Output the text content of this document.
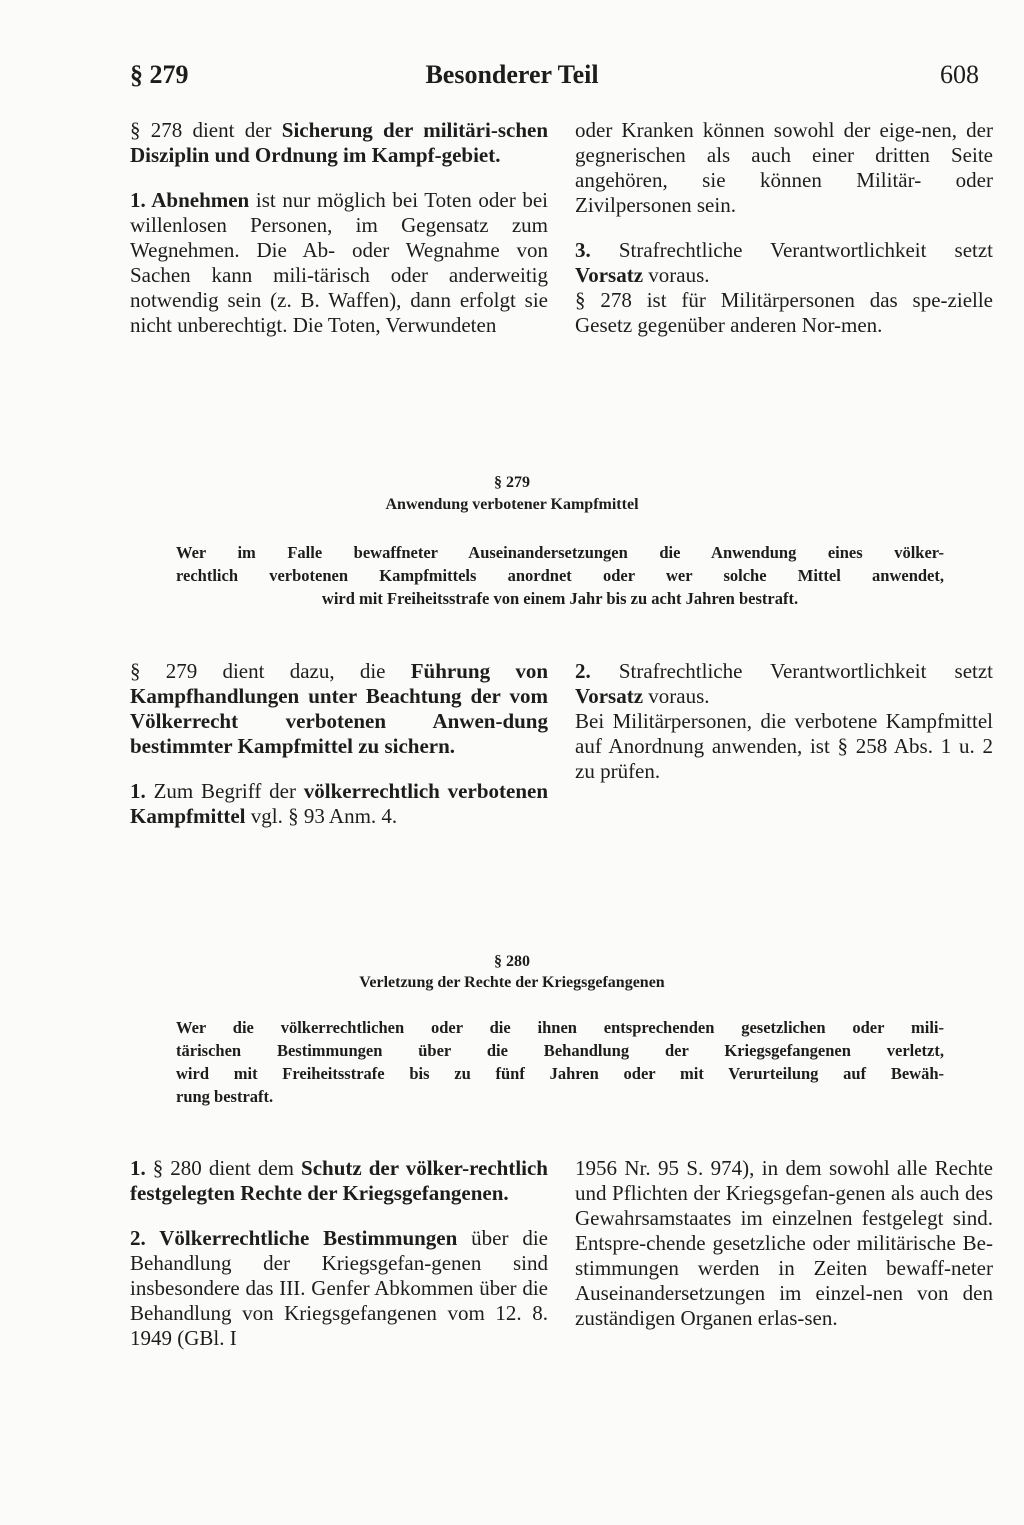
§ 279	Besonderer Teil	608

§ 278 dient der Sicherung der militäri-schen Disziplin und Ordnung im Kampf-gebiet.

1. Abnehmen ist nur möglich bei Toten oder bei willenlosen Personen, im Gegensatz zum Wegnehmen. Die Ab- oder Wegnahme von Sachen kann mili-tärisch oder anderweitig notwendig sein (z. B. Waffen), dann erfolgt sie nicht unberechtigt. Die Toten, Verwundeten

oder Kranken können sowohl der eige-nen, der gegnerischen als auch einer dritten Seite angehören, sie können Militär- oder Zivilpersonen sein.

3. Strafrechtliche Verantwortlichkeit setzt Vorsatz voraus.

§ 278 ist für Militärpersonen das spe-zielle Gesetz gegenüber anderen Nor-men.

§ 279
Anwendung verbotener Kampfmittel
Wer im Falle bewaffneter Auseinandersetzungen die Anwendung eines völker-
rechtlich verbotenen Kampfmittels anordnet oder wer solche Mittel anwendet,
wird mit Freiheitsstrafe von einem Jahr bis zu acht Jahren bestraft.

§ 279 dient dazu, die Führung von Kampfhandlungen unter Beachtung der vom Völkerrecht verbotenen Anwen-dung bestimmter Kampfmittel zu sichern.

1. Zum Begriff der völkerrechtlich verbotenen Kampfmittel vgl. § 93 Anm. 4.

2. Strafrechtliche Verantwortlichkeit setzt Vorsatz voraus.

Bei Militärpersonen, die verbotene Kampfmittel auf Anordnung anwenden, ist § 258 Abs. 1 u. 2 zu prüfen.

§ 280
Verletzung der Rechte der Kriegsgefangenen
Wer die völkerrechtlichen oder die ihnen entsprechenden gesetzlichen oder mili-
tärischen Bestimmungen über die Behandlung der Kriegsgefangenen verletzt,
wird mit Freiheitsstrafe bis zu fünf Jahren oder mit Verurteilung auf Bewäh-
rung bestraft.

1. § 280 dient dem Schutz der völker-rechtlich festgelegten Rechte der Kriegsgefangenen.

2. Völkerrechtliche Bestimmungen über die Behandlung der Kriegsgefan-genen sind insbesondere das III. Genfer Abkommen über die Behandlung von Kriegsgefangenen vom 12. 8. 1949 (GBl. I

1956 Nr. 95 S. 974), in dem sowohl alle Rechte und Pflichten der Kriegsgefan-genen als auch des Gewahrsamstaates im einzelnen festgelegt sind. Entspre-chende gesetzliche oder militärische Be-stimmungen werden in Zeiten bewaff-neter Auseinandersetzungen im einzel-nen von den zuständigen Organen erlas-sen.
